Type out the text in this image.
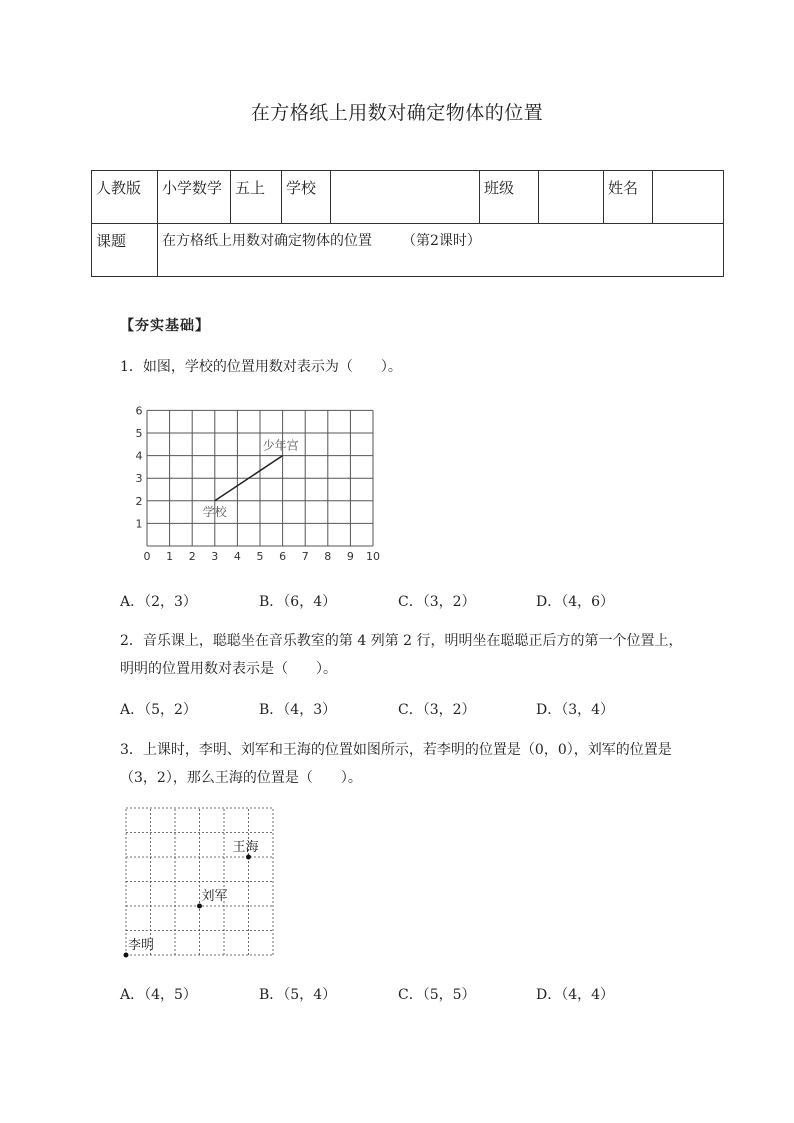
在方格纸上用数对确定物体的位置
人教版	小学数学	五上	学校		班级		姓名	
课题	在方格纸上用数对确定物体的位置 （第2课时）							
【夯实基础】
1．如图，学校的位置用数对表示为（　　）。
0 1 2 3 4 5 6 7 8 9 10
1
2
3
4
5
6
学校
少年宫
A．（2，3）	B．（6，4）	C．（3，2）	D．（4，6）
2．音乐课上，聪聪坐在音乐教室的第 4 列第 2 行，明明坐在聪聪正后方的第一个位置上，
明明的位置用数对表示是（　　）。
A．（5，2）	B．（4，3）	C．（3，2）	D．（3，4）
3．上课时，李明、刘军和王海的位置如图所示，若李明的位置是（0，0），刘军的位置是
（3，2），那么王海的位置是（　　）。
李明
刘军
王海
A．（4，5）	B．（5，4）	C．（5，5）	D．（4，4）
